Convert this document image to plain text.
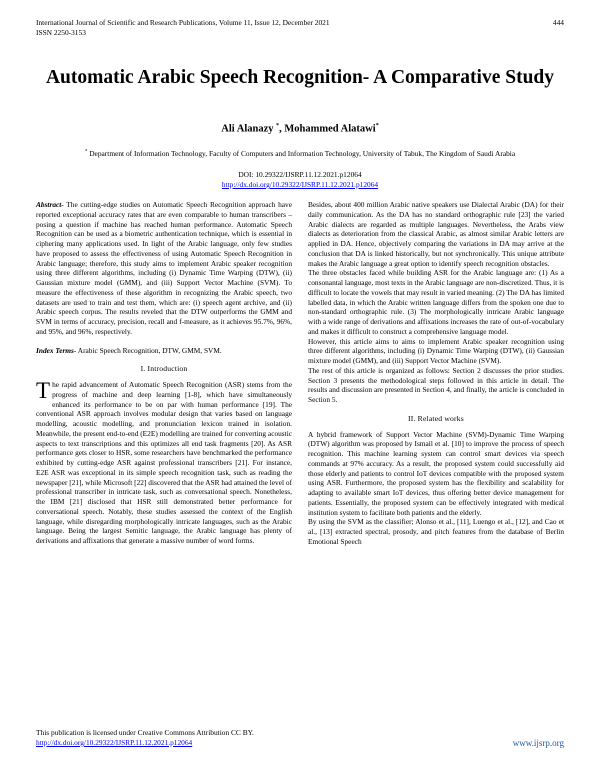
International Journal of Scientific and Research Publications, Volume 11, Issue 12, December 2021
ISSN 2250-3153
444
Automatic Arabic Speech Recognition- A Comparative Study
Ali Alanazy *, Mohammed Alatawi*
* Department of Information Technology, Faculty of Computers and Information Technology, University of Tabuk, The Kingdom of Saudi Arabia
DOI: 10.29322/IJSRP.11.12.2021.p12064
http://dx.doi.org/10.29322/IJSRP.11.12.2021.p12064

Abstract- The cutting-edge studies on Automatic Speech Recognition approach have reported exceptional accuracy rates that are even comparable to human transcribers – posing a question if machine has reached human performance. Automatic Speech Recognition can be used as a biometric authentication technique, which is essential in ciphering many applications used. In light of the Arabic language, only few studies have proposed to assess the effectiveness of using Automatic Speech Recognition in Arabic language; therefore, this study aims to implement Arabic speaker recognition using three different algorithms, including (i) Dynamic Time Warping (DTW), (ii) Gaussian mixture model (GMM), and (iii) Support Vector Machine (SVM). To measure the effectiveness of these algorithm in recognizing the Arabic speech, two datasets are used to train and test them, which are: (i) speech agent archive, and (ii) Arabic speech corpus. The results reveled that the DTW outperforms the GMM and SVM in terms of accuracy, precision, recall and f-measure, as it achieves 95.7%, 96%, and 95%, and 96%, respectively.

Index Terms- Arabic Speech Recognition, DTW, GMM, SVM.

I. Introduction

The rapid advancement of Automatic Speech Recognition (ASR) stems from the progress of machine and deep learning [1-8], which have simultaneously enhanced its performance to be on par with human performance [19]. The conventional ASR approach involves modular design that varies based on language modelling, acoustic modelling, and pronunciation lexicon trained in isolation. Meanwhile, the present end-to-end (E2E) modelling are trained for converting acoustic aspects to text transcriptions and this optimizes all end task fragments [20]. As ASR performance gets closer to HSR, some researchers have benchmarked the performance exhibited by cutting-edge ASR against professional transcribers [21]. For instance, E2E ASR was exceptional in its simple speech recognition task, such as reading the newspaper [21], while Microsoft [22] discovered that the ASR had attained the level of professional transcriber in intricate task, such as conversational speech. Nonetheless, the IBM [21] disclosed that HSR still demonstrated better performance for conversational speech. Notably, these studies assessed the context of the English language, while disregarding morphologically intricate languages, such as the Arabic language. Being the largest Semitic language, the Arabic language has plenty of derivations and affixations that generate a massive number of word forms.

Besides, about 400 million Arabic native speakers use Dialectal Arabic (DA) for their daily communication. As the DA has no standard orthographic rule [23] the varied Arabic dialects are regarded as multiple languages. Nevertheless, the Arabs view dialects as deterioration from the classical Arabic, as almost similar Arabic letters are applied in DA. Hence, objectively comparing the variations in DA may arrive at the conclusion that DA is linked historically, but not synchronically. This unique attribute makes the Arabic language a great option to identify speech recognition obstacles.

The three obstacles faced while building ASR for the Arabic language are: (1) As a consonantal language, most texts in the Arabic language are non-discretized. Thus, it is difficult to locate the vowels that may result in varied meaning. (2) The DA has limited labelled data, in which the Arabic written language differs from the spoken one due to non-standard orthographic rule. (3) The morphologically intricate Arabic language with a wide range of derivations and affixations increases the rate of out-of-vocabulary and makes it difficult to construct a comprehensive language model.

However, this article aims to aims to implement Arabic speaker recognition using three different algorithms, including (i) Dynamic Time Warping (DTW), (ii) Gaussian mixture model (GMM), and (iii) Support Vector Machine (SVM).

The rest of this article is organized as follows: Section 2 discusses the prior studies. Section 3 presents the methodological steps followed in this article in detail. The results and discussion are presented in Section 4, and finally, the article is concluded in Section 5.

II. Related works

A hybrid framework of Support Vector Machine (SVM)-Dynamic Time Warping (DTW) algorithm was proposed by Ismail et al. [10] to improve the process of speech recognition. This machine learning system can control smart devices via speech commands at 97% accuracy. As a result, the proposed system could successfully aid those elderly and patients to control IoT devices compatible with the proposed system using ASR. Furthermore, the proposed system has the flexibility and scalability for adapting to available smart IoT devices, thus offering better device management for patients. Essentially, the proposed system can be effectively integrated with medical institution system to facilitate both patients and the elderly.

By using the SVM as the classifier; Alonso et al., [11], Luengo et al., [12], and Cao et al., [13] extracted spectral, prosody, and pitch features from the database of Berlin Emotional Speech

This publication is licensed under Creative Commons Attribution CC BY.
http://dx.doi.org/10.29322/IJSRP.11.12.2021.p12064	www.ijsrp.org
